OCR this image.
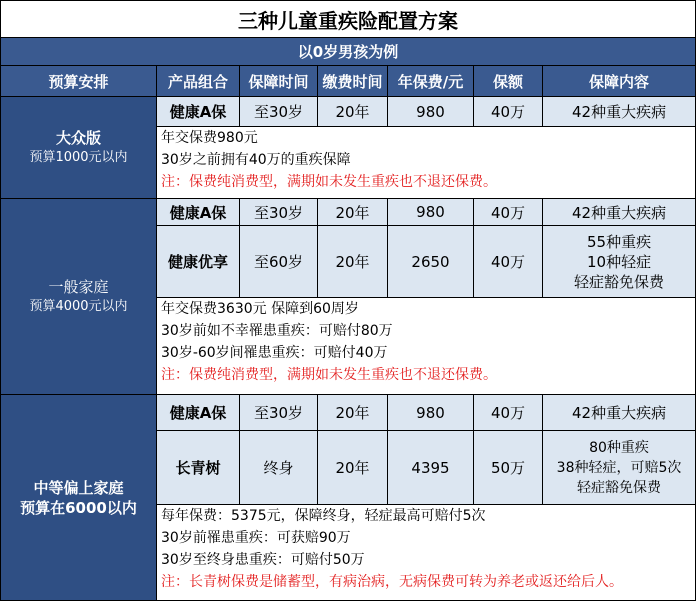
三种儿童重疾险配置方案						
以0岁男孩为例						
预算安排	产品组合	保障时间	缴费时间	年保费/元	保额	保障内容

大众版
预算1000元以内	健康A保	至30岁	20年	980	40万	42种重大疾病

	年交保费980元
30岁之前拥有40万的重疾保障
注：保费纯消费型，满期如未发生重疾也不退还保费。					

一般家庭
预算4000元以内	健康A保	至30岁	20年	980	40万	42种重大疾病
	健康优享	至60岁	20年	2650	40万	55种重疾
10种轻症
轻症豁免保费

	年交保费3630元 保障到60周岁
30岁前如不幸罹患重疾：可赔付80万
30岁-60岁间罹患重疾：可赔付40万
注：保费纯消费型，满期如未发生重疾也不退还保费。					

中等偏上家庭
预算在6000以内	健康A保	至30岁	20年	980	40万	42种重大疾病
	长青树	终身	20年	4395	50万	80种重疾
38种轻症，可赔5次
轻症豁免保费

	每年保费：5375元，保障终身，轻症最高可赔付5次
30岁前罹患重疾：可获赔90万
30岁至终身患重疾：可赔付50万
注：长青树保费是储蓄型，有病治病，无病保费可转为养老或返还给后人。					
